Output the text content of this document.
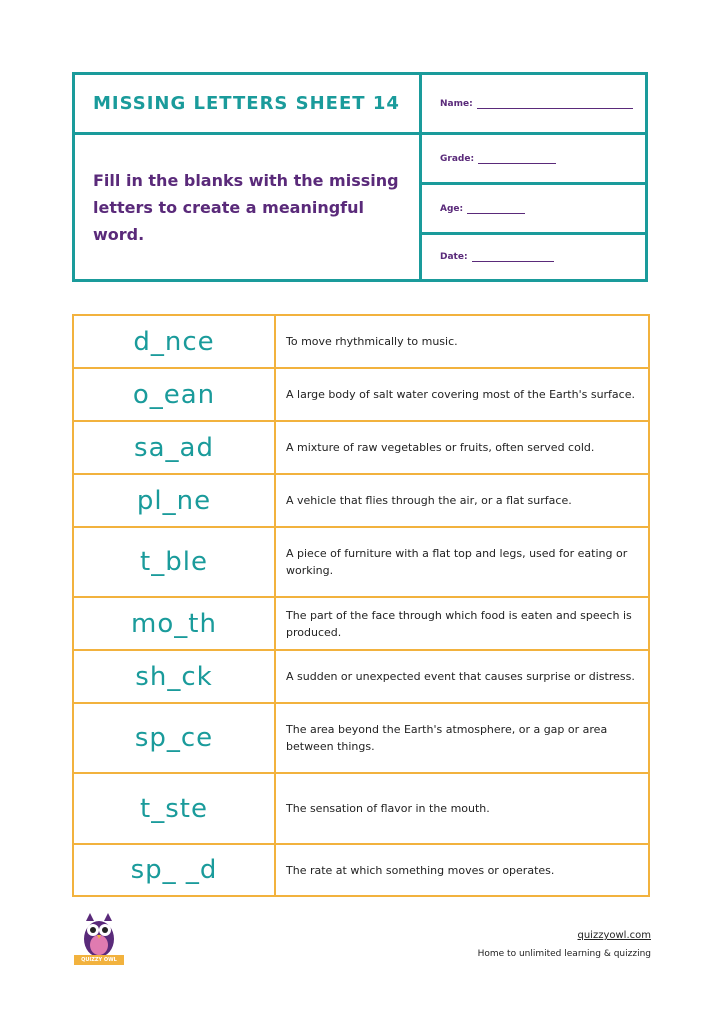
MISSING LETTERS SHEET 14
Fill in the blanks with the missing letters to create a meaningful word.
Name:
Grade:
Age:
Date:
d_nce	To move rhythmically to music.
o_ean	A large body of salt water covering most of the Earth's surface.
sa_ad	A mixture of raw vegetables or fruits, often served cold.
pl_ne	A vehicle that flies through the air, or a flat surface.
t_ble	A piece of furniture with a flat top and legs, used for eating or working.
mo_th	The part of the face through which food is eaten and speech is produced.
sh_ck	A sudden or unexpected event that causes surprise or distress.
sp_ce	The area beyond the Earth's atmosphere, or a gap or area between things.
t_ste	The sensation of flavor in the mouth.
sp_ _d	The rate at which something moves or operates.
QUIZZY OWL
quizzyowl.com
Home to unlimited learning & quizzing
